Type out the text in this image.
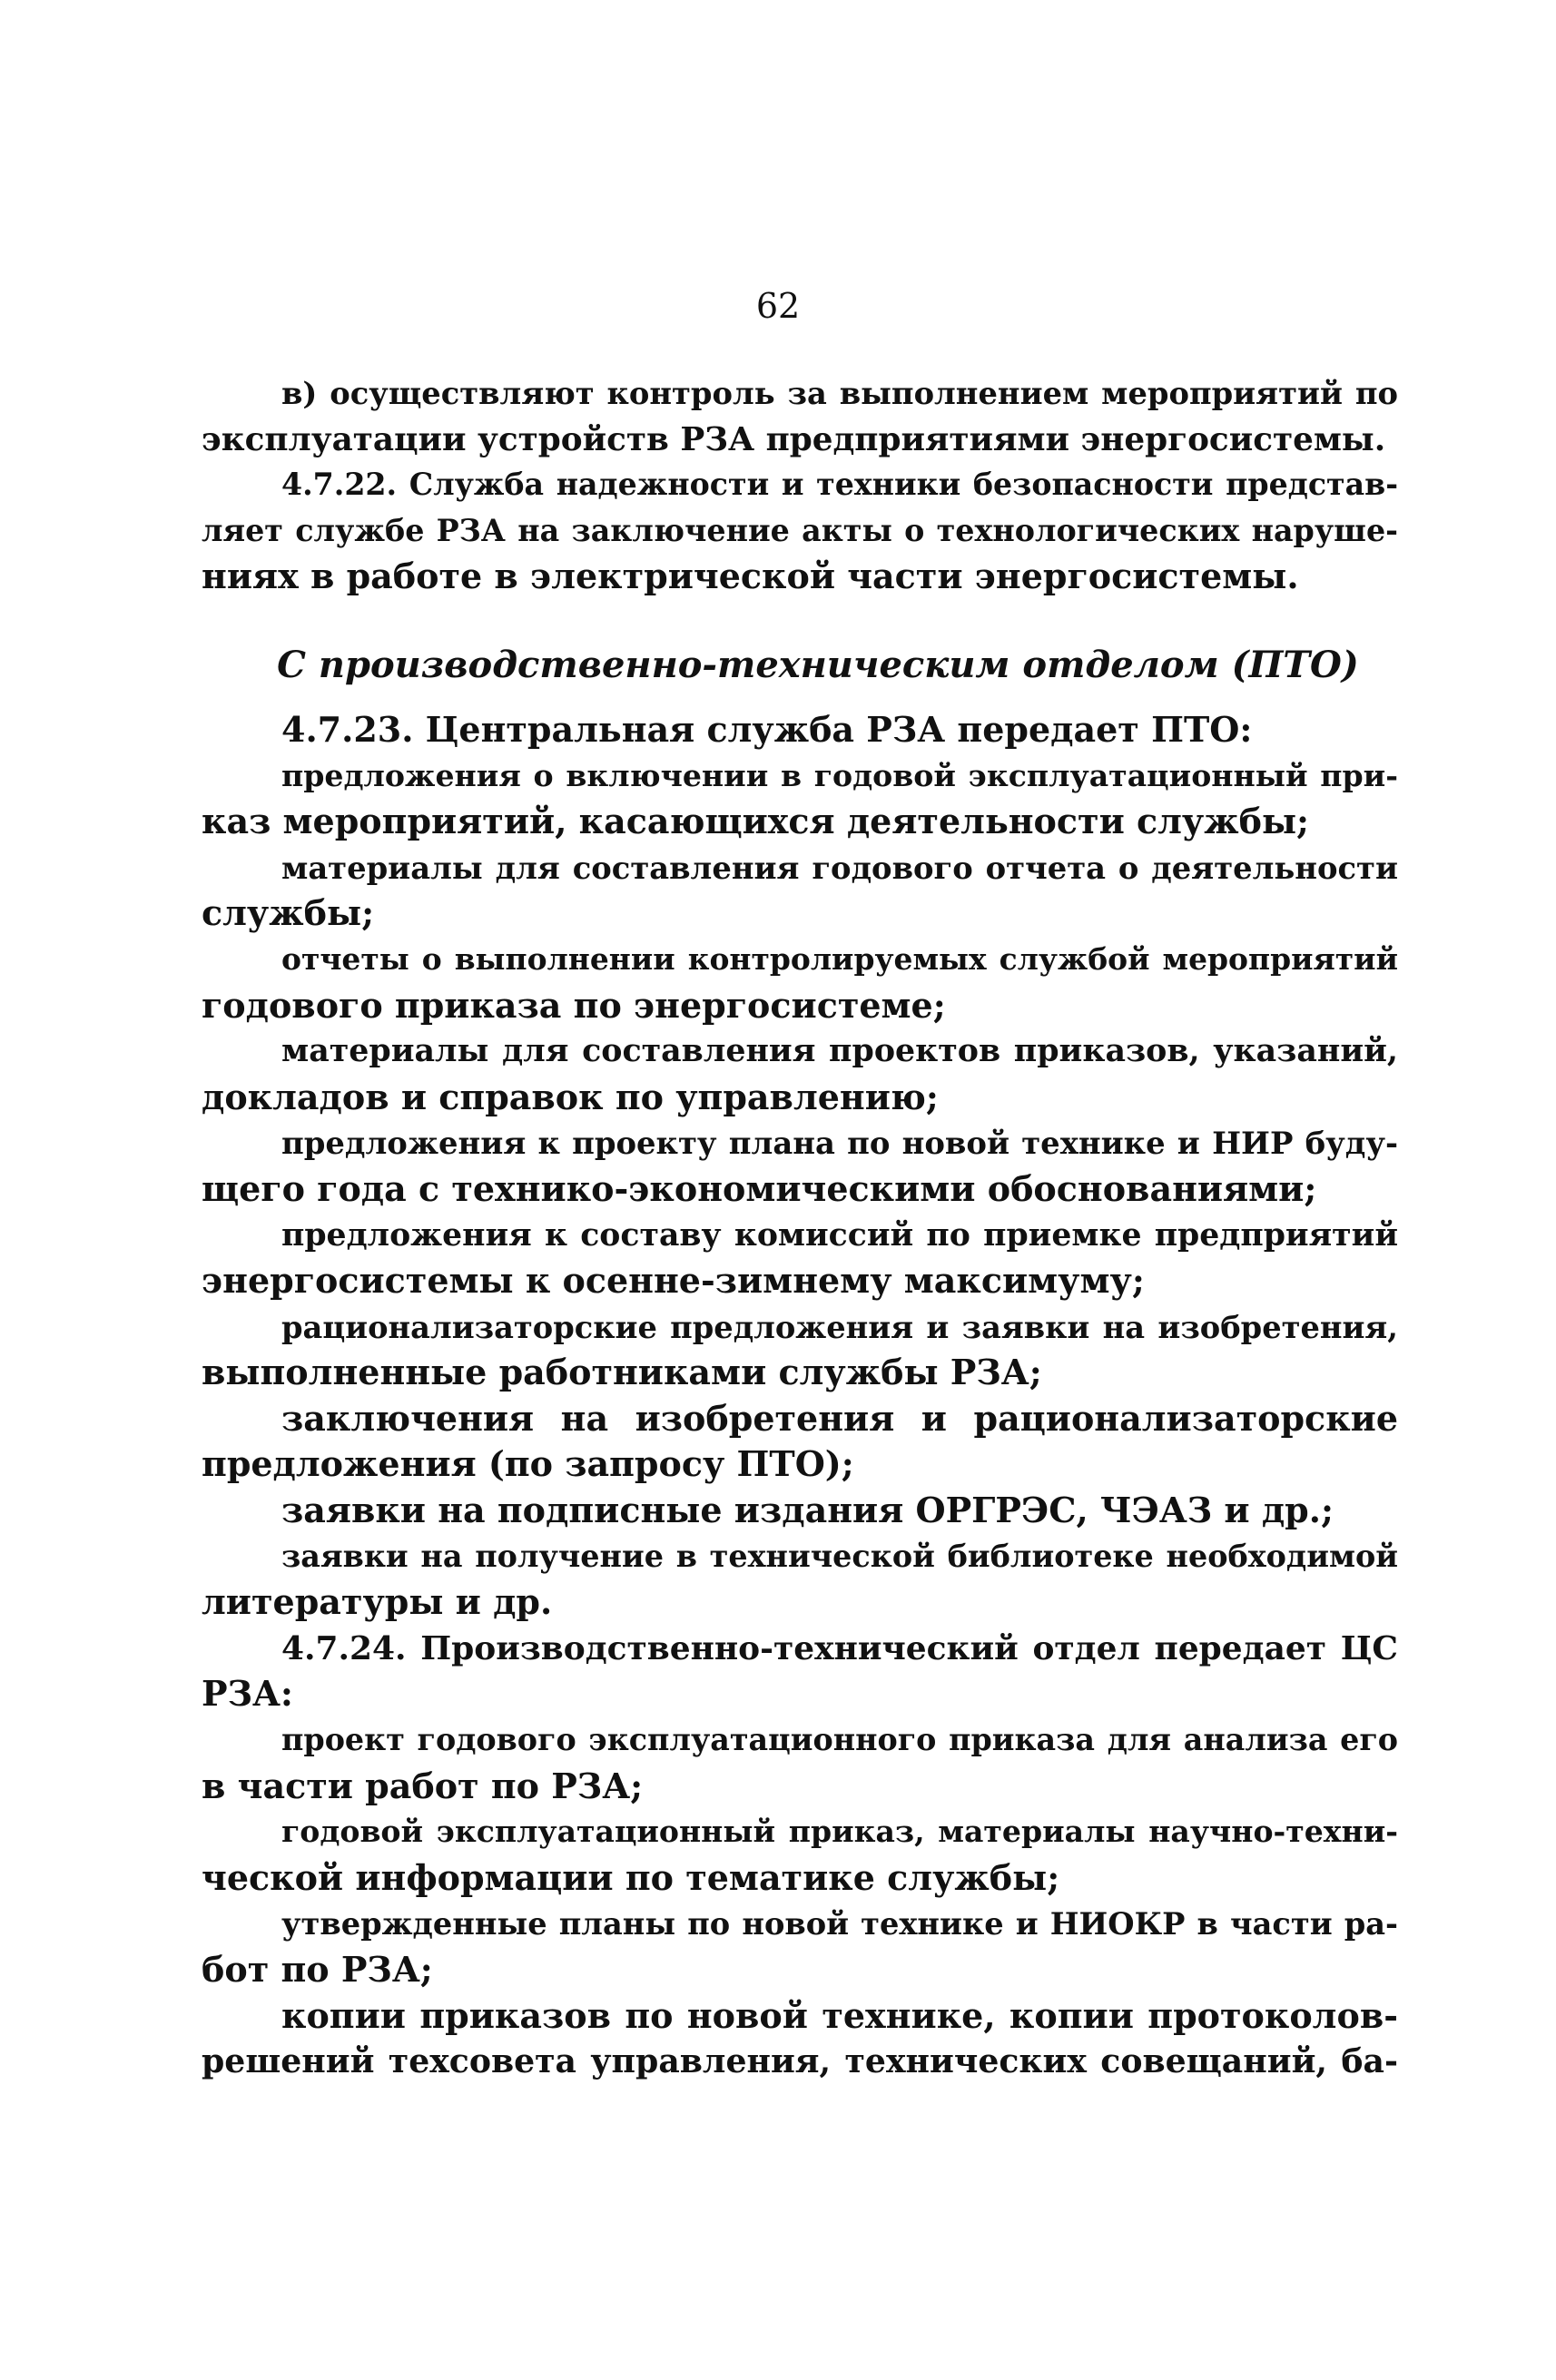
62
в) осуществляют контроль за выполнением мероприятий по
эксплуатации устройств РЗА предприятиями энергосистемы.
4.7.22. Служба надежности и техники безопасности представ-
ляет службе РЗА на заключение акты о технологических наруше-
ниях в работе в электрической части энергосистемы.
С производственно-техническим отделом (ПТО)
4.7.23. Центральная служба РЗА передает ПТО:
предложения о включении в годовой эксплуатационный при-
каз мероприятий, касающихся деятельности службы;
материалы для составления годового отчета о деятельности
службы;
отчеты о выполнении контролируемых службой мероприятий
годового приказа по энергосистеме;
материалы для составления проектов приказов, указаний,
докладов и справок по управлению;
предложения к проекту плана по новой технике и НИР буду-
щего года с технико-экономическими обоснованиями;
предложения к составу комиссий по приемке предприятий
энергосистемы к осенне-зимнему максимуму;
рационализаторские предложения и заявки на изобретения,
выполненные работниками службы РЗА;
заключения на изобретения и рационализаторские
предложения (по запросу ПТО);
заявки на подписные издания ОРГРЭС, ЧЭАЗ и др.;
заявки на получение в технической библиотеке необходимой
литературы и др.
4.7.24. Производственно-технический отдел передает ЦС
РЗА:
проект годового эксплуатационного приказа для анализа его
в части работ по РЗА;
годовой эксплуатационный приказ, материалы научно-техни-
ческой информации по тематике службы;
утвержденные планы по новой технике и НИОКР в части ра-
бот по РЗА;
копии приказов по новой технике, копии протоколов-
решений техсовета управления, технических совещаний, ба-
